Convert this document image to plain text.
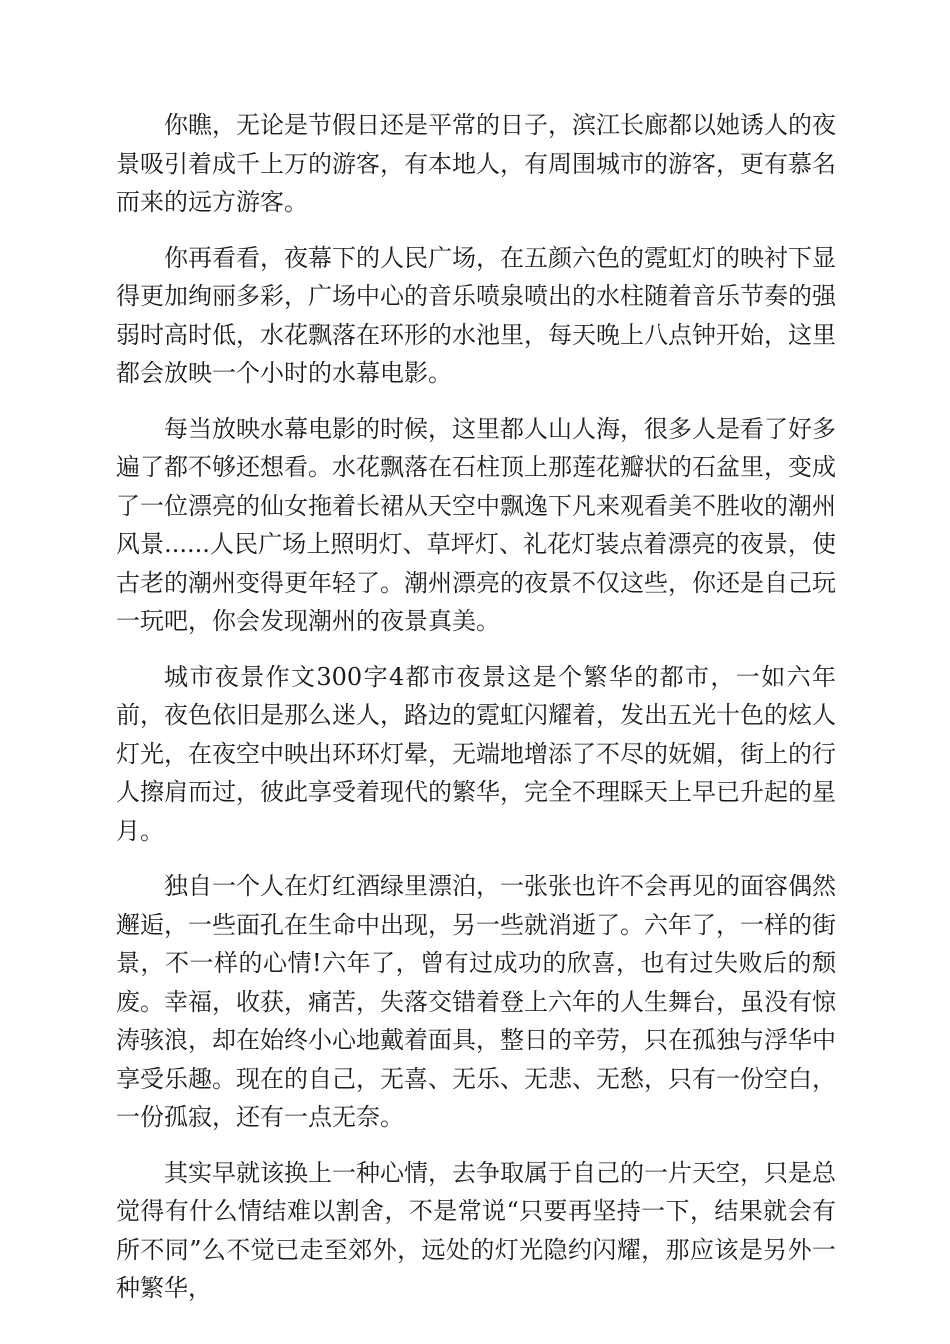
你瞧，无论是节假日还是平常的日子，滨江长廊都以她诱人的夜景吸引着成千上万的游客，有本地人，有周围城市的游客，更有慕名而来的远方游客。

你再看看，夜幕下的人民广场，在五颜六色的霓虹灯的映衬下显得更加绚丽多彩，广场中心的音乐喷泉喷出的水柱随着音乐节奏的强弱时高时低，水花飘落在环形的水池里，每天晚上八点钟开始，这里都会放映一个小时的水幕电影。

每当放映水幕电影的时候，这里都人山人海，很多人是看了好多遍了都不够还想看。水花飘落在石柱顶上那莲花瓣状的石盆里，变成了一位漂亮的仙女拖着长裙从天空中飘逸下凡来观看美不胜收的潮州风景......人民广场上照明灯、草坪灯、礼花灯装点着漂亮的夜景，使古老的潮州变得更年轻了。潮州漂亮的夜景不仅这些，你还是自己玩一玩吧，你会发现潮州的夜景真美。

城市夜景作文300字4都市夜景这是个繁华的都市，一如六年前，夜色依旧是那么迷人，路边的霓虹闪耀着，发出五光十色的炫人灯光，在夜空中映出环环灯晕，无端地增添了不尽的妩媚，街上的行人擦肩而过，彼此享受着现代的繁华，完全不理睬天上早已升起的星月。

独自一个人在灯红酒绿里漂泊，一张张也许不会再见的面容偶然邂逅，一些面孔在生命中出现，另一些就消逝了。六年了，一样的街景，不一样的心情!六年了，曾有过成功的欣喜，也有过失败后的颓废。幸福，收获，痛苦，失落交错着登上六年的人生舞台，虽没有惊涛骇浪，却在始终小心地戴着面具，整日的辛劳，只在孤独与浮华中享受乐趣。现在的自己，无喜、无乐、无悲、无愁，只有一份空白，一份孤寂，还有一点无奈。

其实早就该换上一种心情，去争取属于自己的一片天空，只是总觉得有什么情结难以割舍，不是常说“只要再坚持一下，结果就会有所不同”么不觉已走至郊外，远处的灯光隐约闪耀，那应该是另外一种繁华，
